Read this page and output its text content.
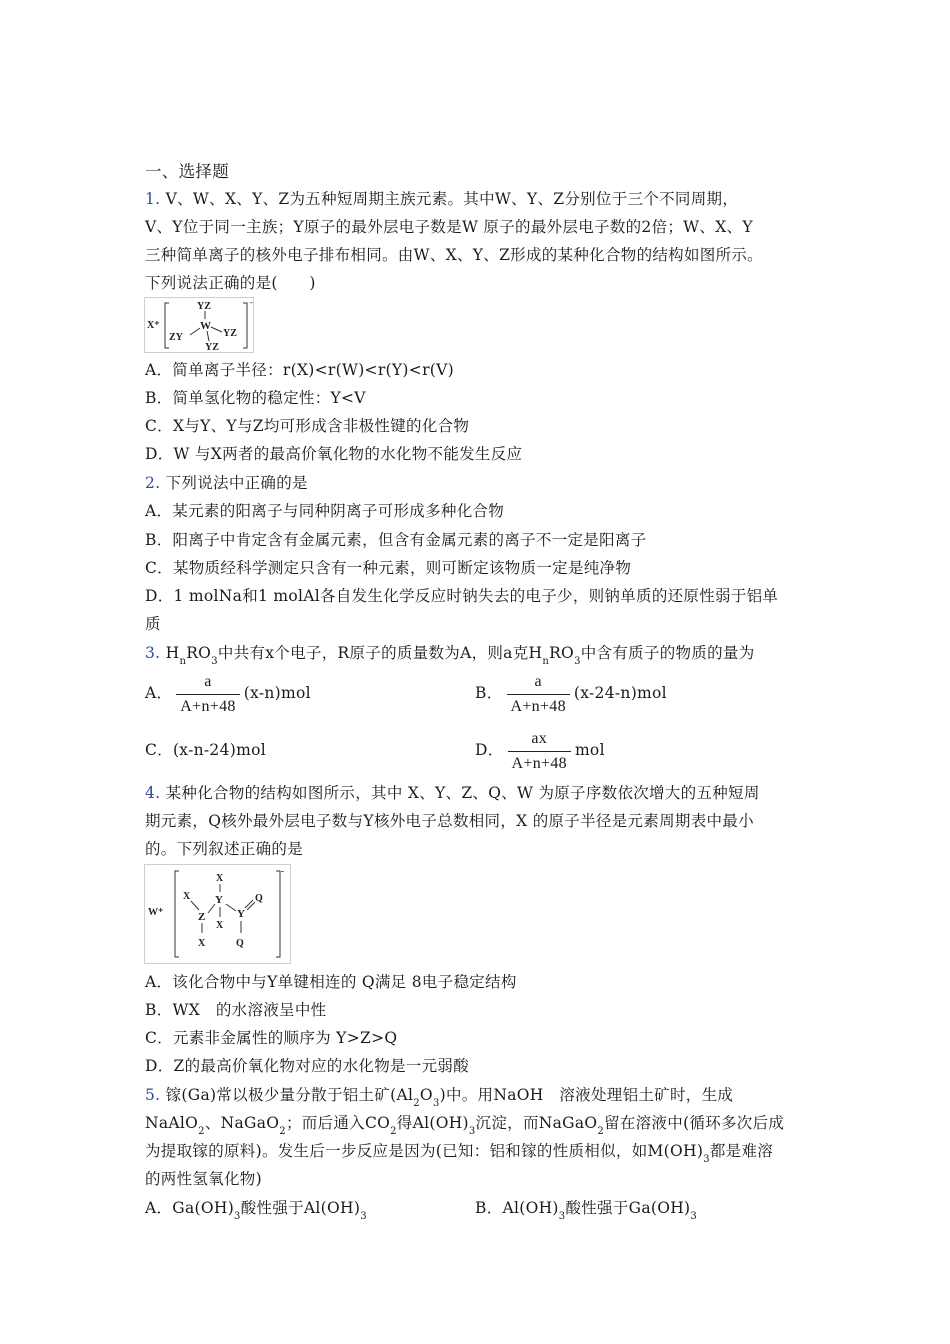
一、选择题
1. V、W、X、Y、Z为五种短周期主族元素。其中W、Y、Z分别位于三个不同周期，
V、Y位于同一主族；Y原子的最外层电子数是W 原子的最外层电子数的2倍；W、X、Y
三种简单离子的核外电子排布相同。由W、X、Y、Z形成的某种化合物的结构如图所示。
下列说法正确的是(　　)
X⁺
-
YZ
ZY	YZ
YZ
W
A．简单离子半径：r(X)<r(W)<r(Y)<r(V)
B．简单氢化物的稳定性：Y<V
C．X与Y、Y与Z均可形成含非极性键的化合物
D．W 与X两者的最高价氧化物的水化物不能发生反应
2. 下列说法中正确的是
A．某元素的阳离子与同种阴离子可形成多种化合物
B．阳离子中肯定含有金属元素，但含有金属元素的离子不一定是阳离子
C．某物质经科学测定只含有一种元素，则可断定该物质一定是纯净物
D．1 molNa和1 molAl各自发生化学反应时钠失去的电子少，则钠单质的还原性弱于铝单
质
3. $H_nRO_3$中共有x个电子，R原子的质量数为A，则a克$H_nRO_3$中含有质子的物质的量为
A． $\frac{a}{A+n+48} (x-n)mol$	B． $\frac{a}{A+n+48} (x-24-n)mol$
C．(x-n-24)mol	D． $\frac{ax}{A+n+48}$ mol
4. 某种化合物的结构如图所示，其中 X、Y、Z、Q、W 为原子序数依次增大的五种短周
期元素，Q核外最外层电子数与Y核外电子总数相同，X 的原子半径是元素周期表中最小
的。下列叙述正确的是
W⁺
-
X
X Y
Z	Y
Q
X
X	Q
A．该化合物中与Y单键相连的 Q满足 8电子稳定结构
B．WX　的水溶液呈中性
C．元素非金属性的顺序为 Y>Z>Q
D．Z的最高价氧化物对应的水化物是一元弱酸
5. 镓(Ga)常以极少量分散于铝土矿$(Al_2O_3)$中。用NaOH　溶液处理铝土矿时，生成
NaAlO$_2$、NaGaO$_2$；而后通入$CO_2$得$Al(OH)_3$沉淀，而NaGaO$_2$留在溶液中(循环多次后成
为提取镓的原料)。发生后一步反应是因为(已知：铝和镓的性质相似，如$M(OH)_3$都是难溶
的两性氢氧化物)
A．$Ga(OH)_3$酸性强于$Al(OH)_3$	B．$Al(OH)_3$酸性强于$Ga(OH)_3$
